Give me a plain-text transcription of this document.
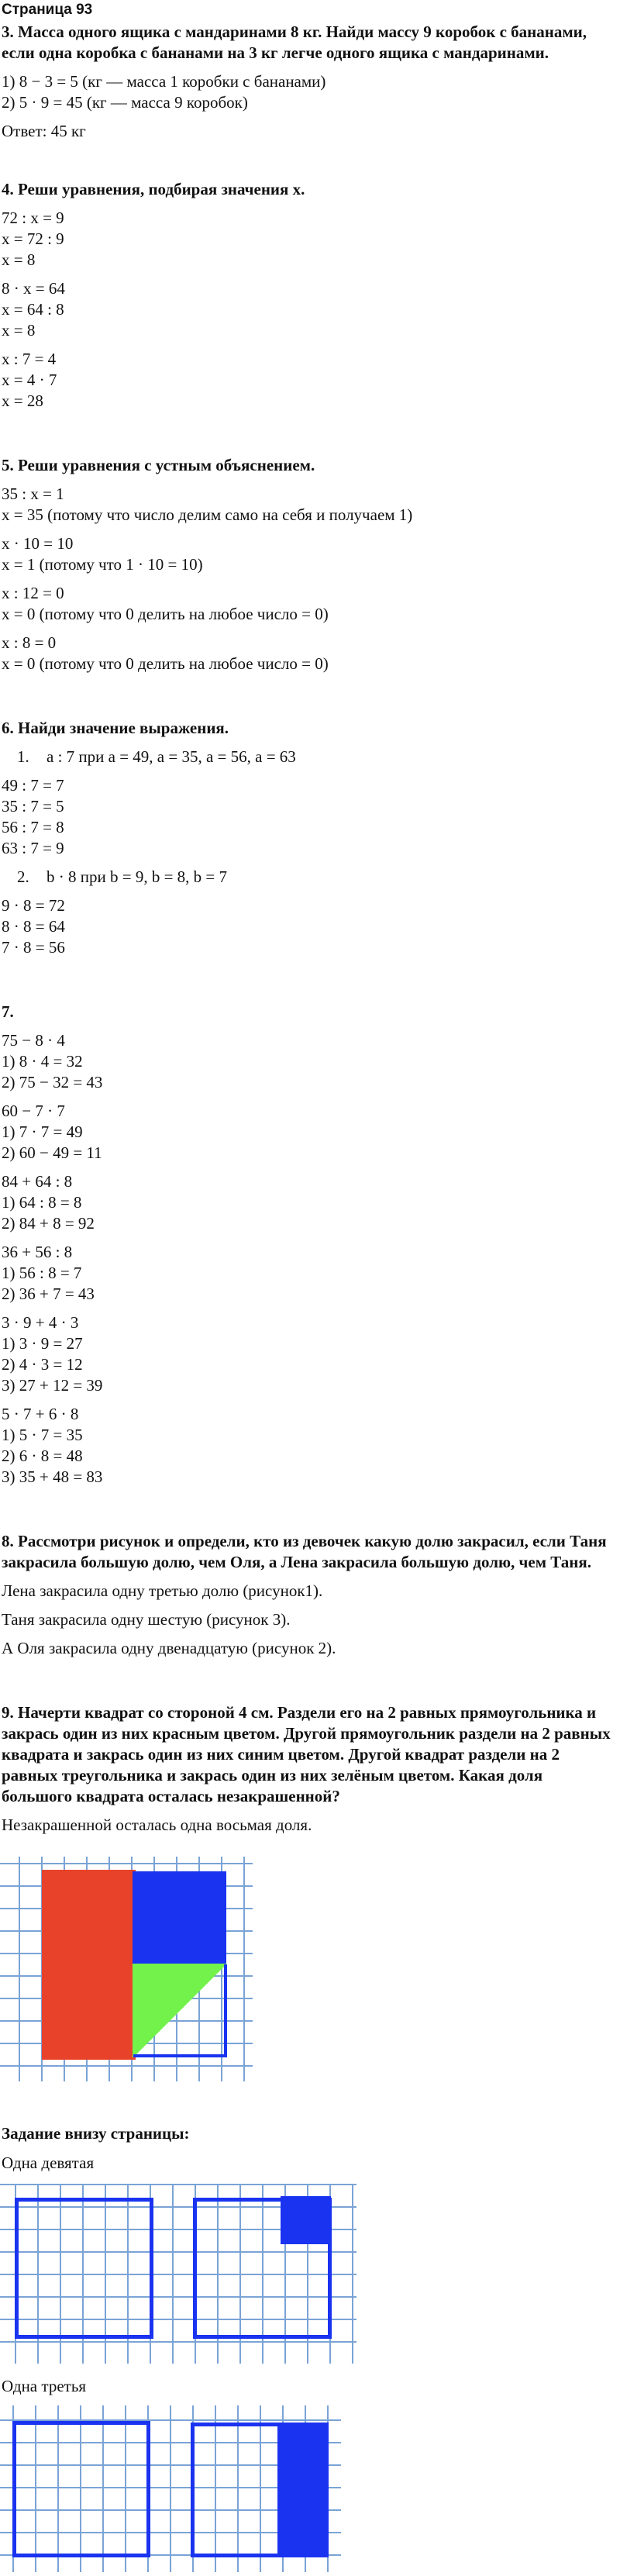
Страница 93

3. Масса одного ящика с мандаринами 8 кг. Найди массу 9 коробок с бананами, если одна коробка с бананами на 3 кг легче одного ящика с мандаринами.

1) 8 − 3 = 5 (кг — масса 1 коробки с бананами)

2) 5 · 9 = 45 (кг — масса 9 коробок)

Ответ: 45 кг

4. Реши уравнения, подбирая значения x.

72 : x = 9

x = 72 : 9

x = 8

8 · x = 64

x = 64 : 8

x = 8

x : 7 = 4

x = 4 · 7

x = 28

5. Реши уравнения с устным объяснением.

35 : x = 1

x = 35 (потому что число делим само на себя и получаем 1)

x · 10 = 10

x = 1 (потому что 1 · 10 = 10)

x : 12 = 0

x = 0 (потому что 0 делить на любое число = 0)

x : 8 = 0

x = 0 (потому что 0 делить на любое число = 0)

6. Найди значение выражения.

1. a : 7 при a = 49, a = 35, a = 56, a = 63

49 : 7 = 7

35 : 7 = 5

56 : 7 = 8

63 : 7 = 9

2. b · 8 при b = 9, b = 8, b = 7

9 · 8 = 72

8 · 8 = 64

7 · 8 = 56

7.

75 − 8 · 4

1) 8 · 4 = 32

2) 75 − 32 = 43

60 − 7 · 7

1) 7 · 7 = 49

2) 60 − 49 = 11

84 + 64 : 8

1) 64 : 8 = 8

2) 84 + 8 = 92

36 + 56 : 8

1) 56 : 8 = 7

2) 36 + 7 = 43

3 · 9 + 4 · 3

1) 3 · 9 = 27

2) 4 · 3 = 12

3) 27 + 12 = 39

5 · 7 + 6 · 8

1) 5 · 7 = 35

2) 6 · 8 = 48

3) 35 + 48 = 83

8. Рассмотри рисунок и определи, кто из девочек какую долю закрасил, если Таня закрасила большую долю, чем Оля, а Лена закрасила большую долю, чем Таня.

Лена закрасила одну третью долю (рисунок1).

Таня закрасила одну шестую (рисунок 3).

А Оля закрасила одну двенадцатую (рисунок 2).

9. Начерти квадрат со стороной 4 см. Раздели его на 2 равных прямоугольника и закрась один из них красным цветом. Другой прямоугольник раздели на 2 равных квадрата и закрась один из них синим цветом. Другой квадрат раздели на 2 равных треугольника и закрась один из них зелёным цветом. Какая доля большого квадрата осталась незакрашенной?

Незакрашенной осталась одна восьмая доля.

Задание внизу страницы:
Одна девятая
Одна третья
